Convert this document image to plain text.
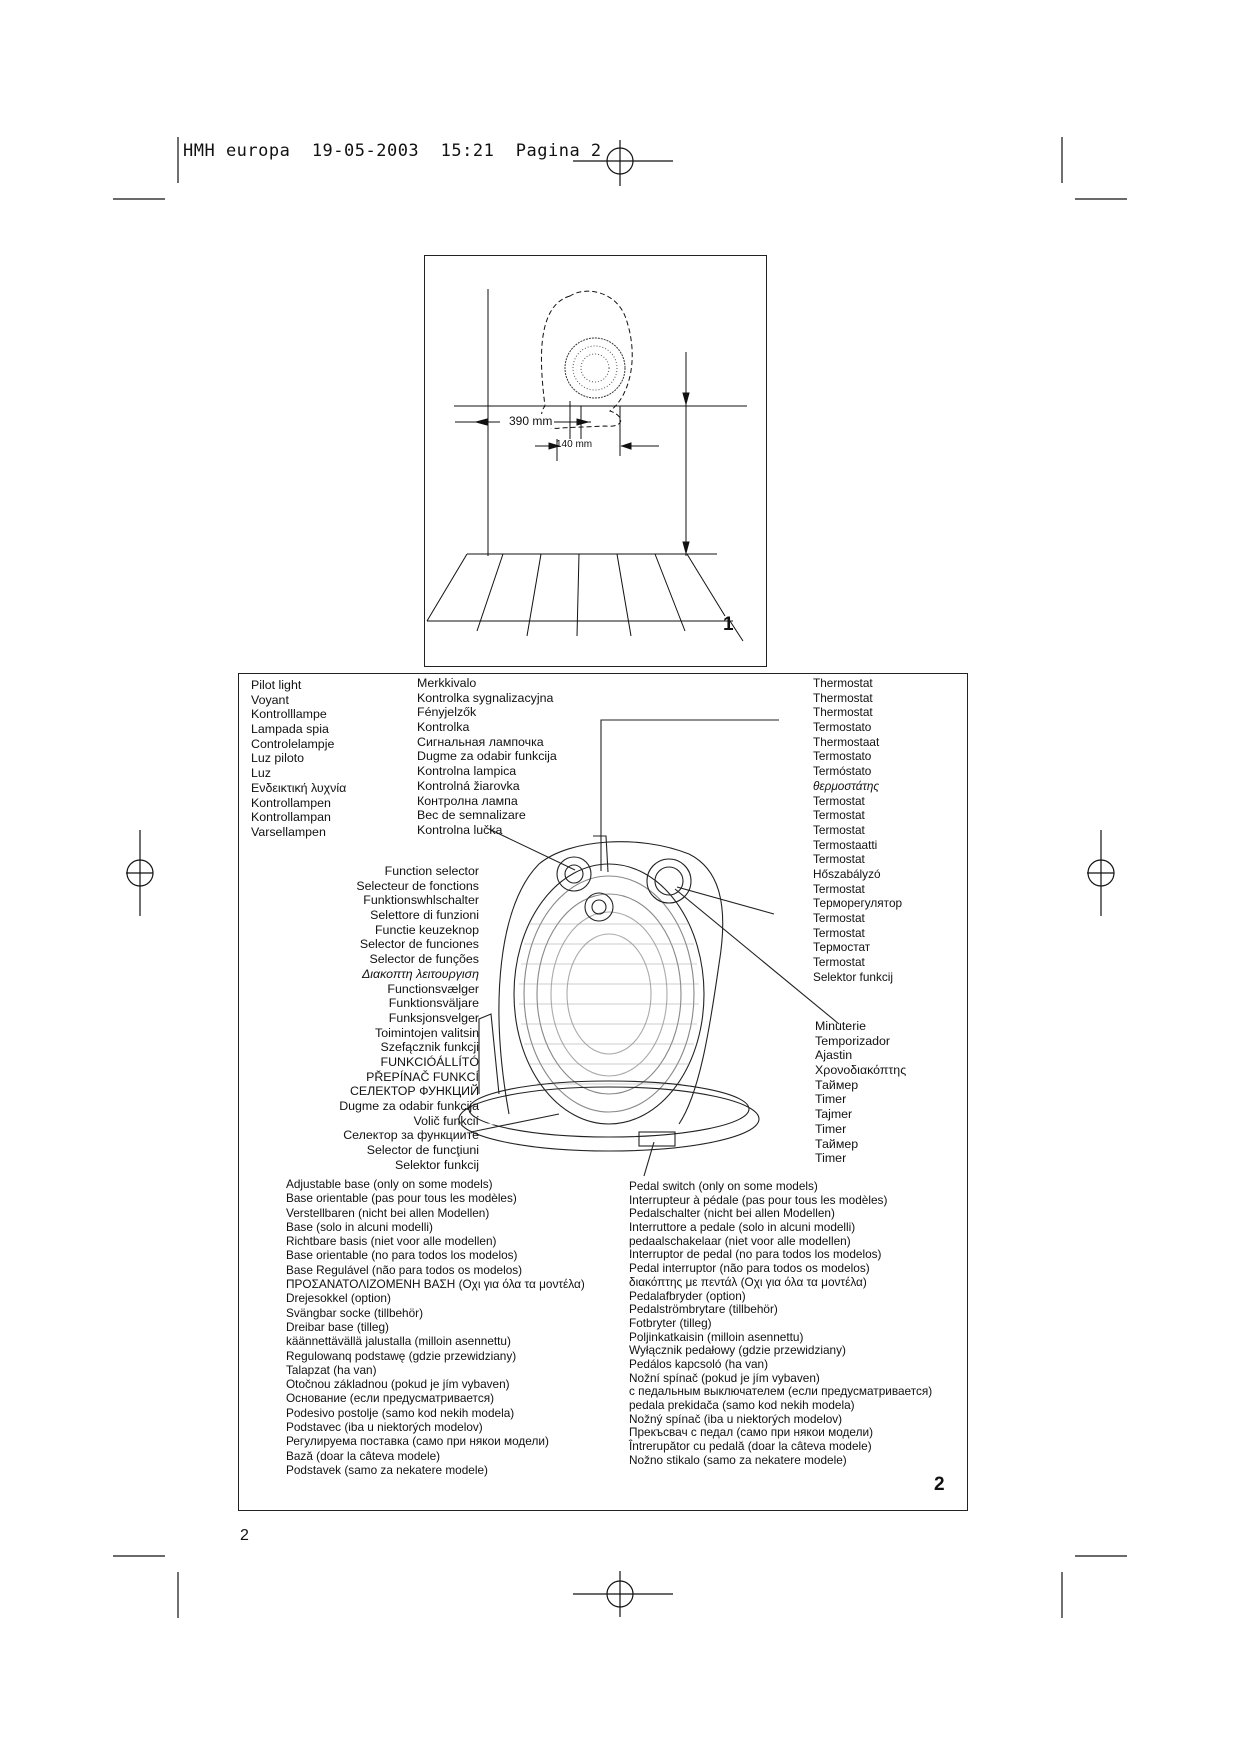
HMH europa  19-05-2003  15:21  Pagina 2
390 mm
140 mm
1
Pilot light
Voyant
Kontrolllampe
Lampada spia
Controlelampje
Luz piloto
Luz
Ενδεικτική λυχνία
Kontrollampen
Kontrollampan
Varsellampen
Merkkivalo
Kontrolka sygnalizacyjna
Fényjelzők
Kontrolka
Сигнальная лампочка
Dugme za odabir funkcija
Kontrolna lampica
Kontrolná žiarovka
Контролна лампа
Bec de semnalizare
Kontrolna lučka
Thermostat
Thermostat
Thermostat
Termostato
Thermostaat
Termostato
Termóstato
θερμοστάτης
Termostat
Termostat
Termostat
Termostaatti
Termostat
Hőszabályzó
Termostat
Терморегулятор
Termostat
Termostat
Термостат
Termostat
Selektor funkcij
Function selector
Selecteur de fonctions
Funktionswhlschalter
Selettore di funzioni
Functie keuzeknop
Selector de funciones
Selector de funções
Διακοπτη λειτουργιση
Functionsvælger
Funktionsväljare
Funksjonsvelger
Toimintojen valitsin
Szefącznik funkcji
FUNKCIÓÁLLÍTÓ
PŘEPÍNAČ FUNKCÍ
СЕЛЕКТОР ФУНКЦИЙ
Dugme za odabir funkcija
Volič funkcií
Селектор за функциите
Selector de funcţiuni
Selektor funkcij
Minuterie
Temporizador
Ajastin
Χρονοδιακόπτης
Таймер
Timer
Tajmer
Timer
Таймер
Timer
Adjustable base (only on some models)
Base orientable (pas pour tous les modèles)
Verstellbaren (nicht bei allen Modellen)
Base (solo in alcuni modelli)
Richtbare basis (niet voor alle modellen)
Base orientable (no para todos los modelos)
Base Regulável (não para todos os modelos)
ΠΡΟΣΑΝΑΤΟΛΙΖΟΜΕΝΗ ΒΑΣΗ (Οχι για όλα τα μοντέλα)
Drejesokkel (option)
Svängbar socke (tillbehör)
Dreibar base (tilleg)
käännettävällä jalustalla (milloin asennettu)
Regulowanq podstawę (gdzie przewidziany)
Talapzat (ha van)
Otočnou základnou (pokud je jím vybaven)
Основание (если предусматривается)
Podesivo postolje (samo kod nekih modela)
Podstavec (iba u niektorých modelov)
Регулируема поставка (само при някои модели)
Bază (doar la câteva modele)
Podstavek (samo za nekatere modele)
Pedal switch (only on some models)
Interrupteur à pédale (pas pour tous les modèles)
Pedalschalter (nicht bei allen Modellen)
Interruttore a pedale (solo in alcuni modelli)
pedaalschakelaar (niet voor alle modellen)
Interruptor de pedal (no para todos los modelos)
Pedal interruptor (não para todos os modelos)
διακόπτης με πεντάλ (Οχι για όλα τα μοντέλα)
Pedalafbryder (option)
Pedalströmbrytare (tillbehör)
Fotbryter (tilleg)
Poljinkatkaisin (milloin asennettu)
Wyłącznik pedałowy (gdzie przewidziany)
Pedálos kapcsoló (ha van)
Nožní spínač (pokud je jím vybaven)
с педальным выключателем (если предусматривается)
pedala prekidača (samo kod nekih modela)
Nožný spínač (iba u niektorých modelov)
Прекъсвач с педал (само при някои модели)
Întrerupător cu pedală (doar la câteva modele)
Nožno stikalo (samo za nekatere modele)
2
2
